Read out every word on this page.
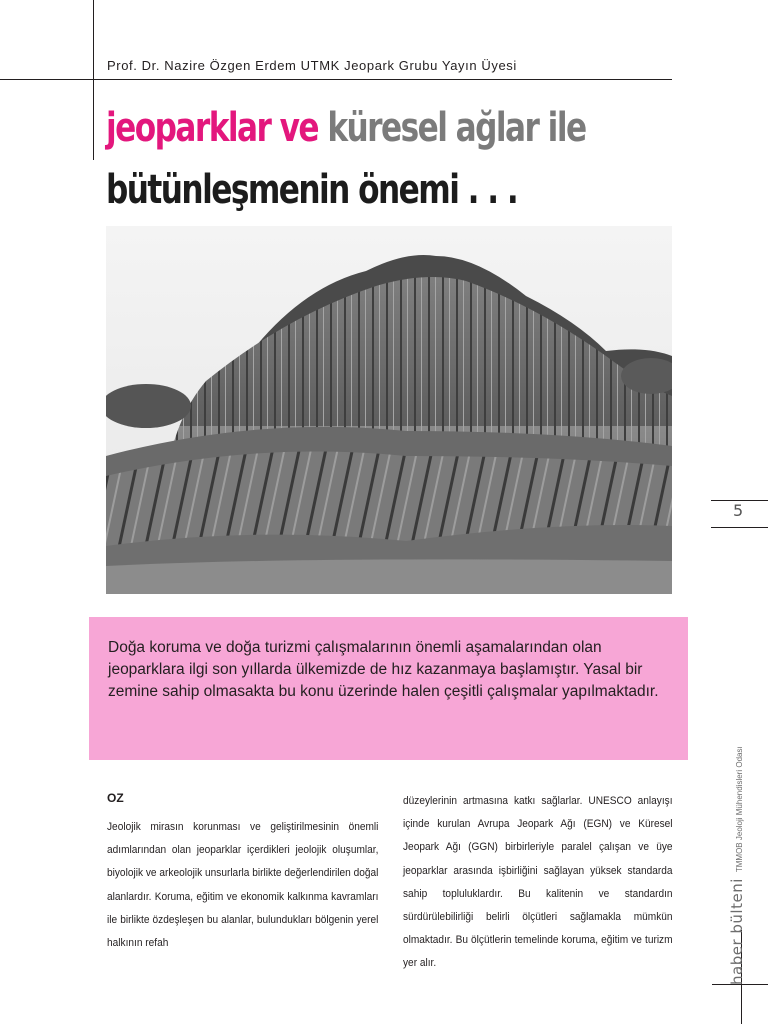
Prof. Dr. Nazire Özgen Erdem UTMK Jeopark Grubu Yayın Üyesi
jeoparklar ve küresel ağlar ile
bütünleşmenin önemi . . .

Doğa koruma ve doğa turizmi çalışmalarının önemli aşamalarından olan jeoparklara ilgi son yıllarda ülkemizde de hız kazanmaya başlamıştır. Yasal bir zemine sahip olmasakta bu konu üzerinde halen çeşitli çalışmalar yapılmaktadır.

OZ
Jeolojik mirasın korunması ve geliştirilmesinin önemli adımlarından olan jeoparklar içerdikleri jeolojik oluşumlar, biyolojik ve arkeolojik unsurlarla birlikte değerlendirilen doğal alanlardır. Koruma, eğitim ve ekonomik kalkınma kavramları ile birlikte özdeşleşen bu alanlar, bulundukları bölgenin yerel halkının refah
düzeylerinin artmasına katkı sağlarlar. UNESCO anlayışı içinde kurulan Avrupa Jeopark Ağı (EGN) ve Küresel Jeopark Ağı (GGN) birbirleriyle paralel çalışan ve üye jeoparklar arasında işbirliğini sağlayan yüksek standarda sahip topluluklardır. Bu kalitenin ve standardın sürdürülebilirliği belirli ölçütleri sağlamakla mümkün olmaktadır. Bu ölçütlerin temelinde koruma, eğitim ve turizm yer alır.
5
haber bülteniTMMOB Jeoloji Mühendisleri Odası
